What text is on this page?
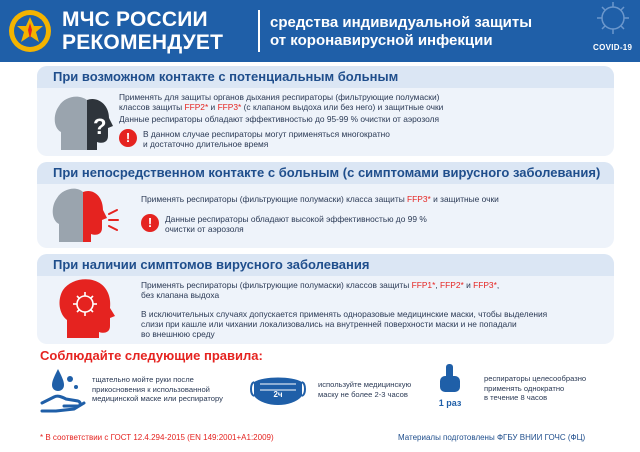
МЧС РОССИИ
РЕКОМЕНДУЕТ
средства индивидуальной защиты
от коронавирусной инфекции	COVID-19
При возможном контакте с потенциальным больным
?
Применять для защиты органов дыхания респираторы (фильтрующие полумаски)
классов защиты FFP2* и FFP3* (с клапаном выдоха или без него) и защитные очки
Данные респираторы обладают эффективностью до 95-99 % очистки от аэрозоля
!	В данном случае респираторы могут применяться многократно
и достаточно длительное время
При непосредственном контакте с больным (с симптомами вирусного заболевания)
Применять респираторы (фильтрующие полумаски) класса защиты FFP3* и защитные очки
!	Данные респираторы обладают высокой эффективностью до 99 %
очистки от аэрозоля
При наличии симптомов вирусного заболевания
Применять респираторы (фильтрующие полумаски) классов защиты FFP1*, FFP2* и FFP3*,
без клапана выдоха
В исключительных случаях допускается применять одноразовые медицинские маски, чтобы выделения
слизи при кашле или чихании локализовались на внутренней поверхности маски и не попадали
во внешнюю среду
Соблюдайте следующие правила:
тщательно мойте руки после
прикосновения к использованной
медицинской маске или респиратору	2ч
используйте медицинскую
маску не более 2-3 часов
1 раз
респираторы целесообразно
применять однократно
в течение 8 часов
* В соответствии с ГОСТ 12.4.294-2015 (EN 149:2001+A1:2009)	Материалы подготовлены ФГБУ ВНИИ ГОЧС (ФЦ)
